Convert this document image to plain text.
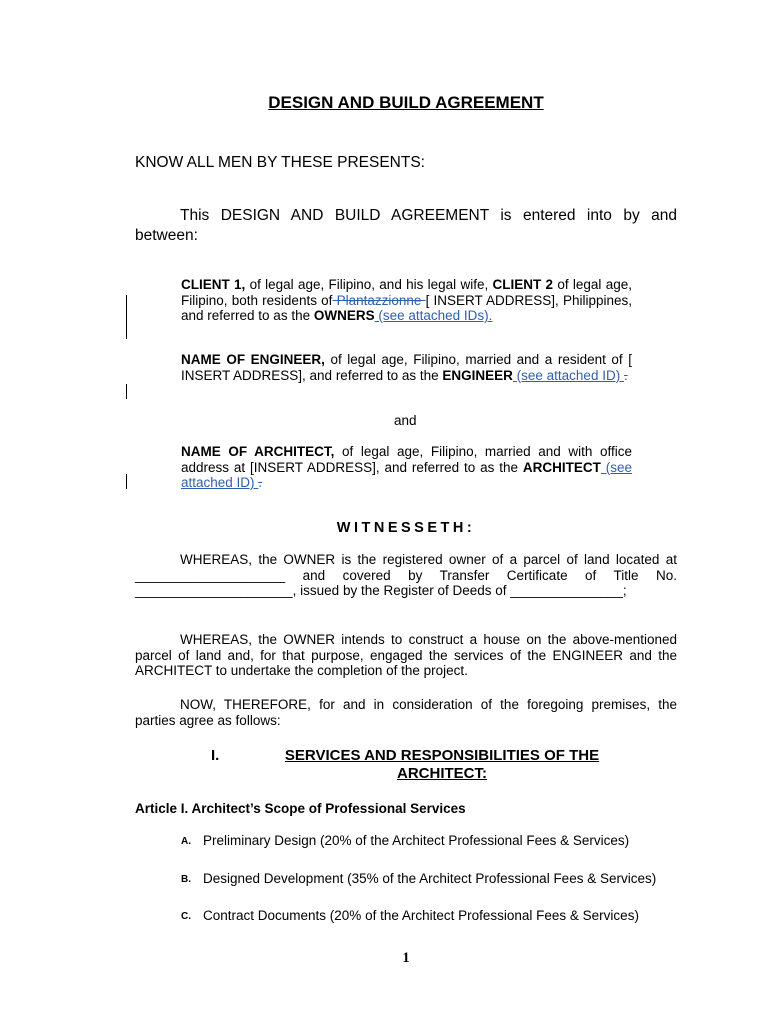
DESIGN AND BUILD AGREEMENT
KNOW ALL MEN BY THESE PRESENTS:
This DESIGN AND BUILD AGREEMENT is entered into by and between:
CLIENT 1, of legal age, Filipino, and his legal wife, CLIENT 2 of legal age, Filipino, both residents of Plantazzionne [ INSERT ADDRESS], Philippines, and referred to as the OWNERS (see attached IDs).
NAME OF ENGINEER, of legal age, Filipino, married and a resident of [ INSERT ADDRESS], and referred to as the ENGINEER (see attached ID) .
and
NAME OF ARCHITECT, of legal age, Filipino, married and with office address at [INSERT ADDRESS], and referred to as the ARCHITECT (see attached ID) .
WITNESSETH:
WHEREAS, the OWNER is the registered owner of a parcel of land located at ____________________ and covered by Transfer Certificate of Title No. _____________________, issued by the Register of Deeds of _______________;
WHEREAS, the OWNER intends to construct a house on the above-mentioned parcel of land and, for that purpose, engaged the services of the ENGINEER and the ARCHITECT to undertake the completion of the project.
NOW, THEREFORE, for and in consideration of the foregoing premises, the parties agree as follows:
I.	SERVICES AND RESPONSIBILITIES OF THE ARCHITECT:
Article I. Architect’s Scope of Professional Services
A. Preliminary Design (20% of the Architect Professional Fees & Services)
B. Designed Development (35% of the Architect Professional Fees & Services)
C. Contract Documents (20% of the Architect Professional Fees & Services)
1
